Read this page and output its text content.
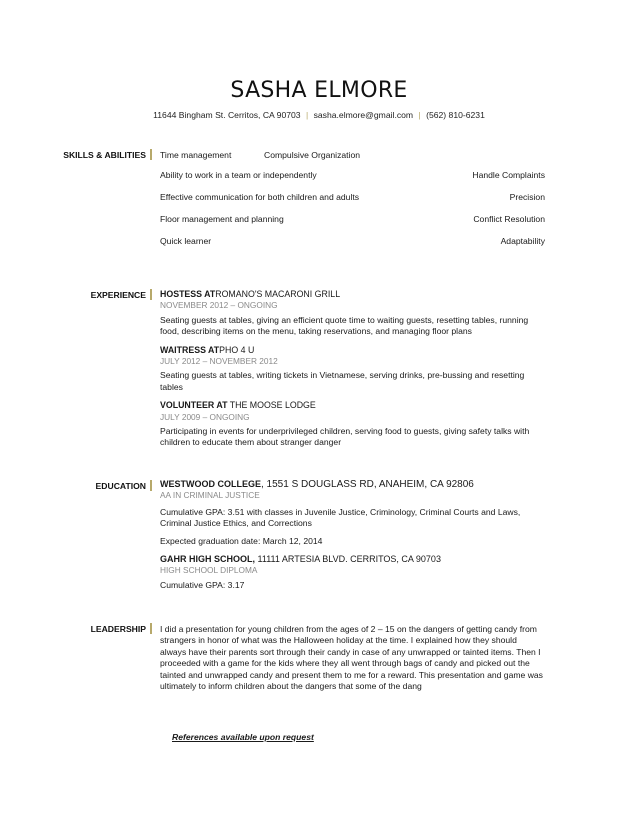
SASHA ELMORE
11644 Bingham St. Cerritos, CA 90703 | sasha.elmore@gmail.com | (562) 810-6231
SKILLS & ABILITIES Time management	Compulsive Organization
Ability to work in a team or independently	Handle Complaints
Effective communication for both children and adults	Precision
Floor management and planning	Conflict Resolution
Quick learner	Adaptability
EXPERIENCE HOSTESS ATROMANO'S MACARONI GRILL
NOVEMBER 2012 – ONGOING

Seating guests at tables, giving an efficient quote time to waiting guests, resetting tables, running food, describing items on the menu, taking reservations, and managing floor plans

WAITRESS ATPHO 4 U
JULY 2012 – NOVEMBER 2012

Seating guests at tables, writing tickets in Vietnamese, serving drinks, pre-bussing and resetting tables

VOLUNTEER AT THE MOOSE LODGE
JULY 2009 – ONGOING

Participating in events for underprivileged children, serving food to guests, giving safety talks with children to educate them about stranger danger

EDUCATION WESTWOOD COLLEGE, 1551 S DOUGLASS RD, ANAHEIM, CA 92806
AA IN CRIMINAL JUSTICE

Cumulative GPA: 3.51 with classes in Juvenile Justice, Criminology, Criminal Courts and Laws, Criminal Justice Ethics, and Corrections

Expected graduation date: March 12, 2014

GAHR HIGH SCHOOL, 11111 ARTESIA BLVD. CERRITOS, CA 90703
HIGH SCHOOL DIPLOMA

Cumulative GPA: 3.17

LEADERSHIP I did a presentation for young children from the ages of 2 – 15 on the dangers of getting candy from strangers in honor of what was the Halloween holiday at the time. I explained how they should always have their parents sort through their candy in case of any unwrapped or tainted items. Then I proceeded with a game for the kids where they all went through bags of candy and picked out the tainted and unwrapped candy and present them to me for a reward. This presentation and game was ultimately to inform children about the dangers that some of the dang

References available upon request
